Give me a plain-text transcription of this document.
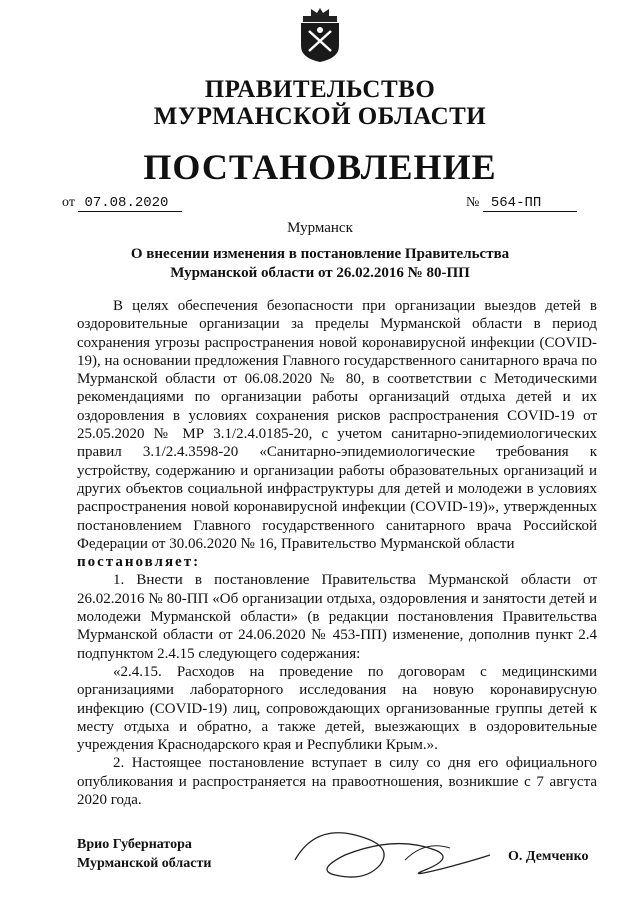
ПРАВИТЕЛЬСТВО
МУРМАНСКОЙ ОБЛАСТИ
ПОСТАНОВЛЕНИЕ
от 07.08.2020	№ 564-ПП
Мурманск
О внесении изменения в постановление Правительства
Мурманской области от 26.02.2016 № 80-ПП

В целях обеспечения безопасности при организации выездов детей в оздоровительные организации за пределы Мурманской области в период сохранения угрозы распространения новой коронавирусной инфекции (COVID-19), на основании предложения Главного государственного санитарного врача по Мурманской области от 06.08.2020 № 80, в соответствии с Методическими рекомендациями по организации работы организаций отдыха детей и их оздоровления в условиях сохранения рисков распространения COVID-19 от 25.05.2020 № МР 3.1/2.4.0185-20, с учетом санитарно-эпидемиологических правил 3.1/2.4.3598-20 «Санитарно-эпидемиологические требования к устройству, содержанию и организации работы образовательных организаций и других объектов социальной инфраструктуры для детей и молодежи в условиях распространения новой коронавирусной инфекции (COVID-19)», утвержденных постановлением Главного государственного санитарного врача Российской Федерации от 30.06.2020 № 16, Правительство Мурманской области

постановляет:

1. Внести в постановление Правительства Мурманской области от 26.02.2016 № 80-ПП «Об организации отдыха, оздоровления и занятости детей и молодежи Мурманской области» (в редакции постановления Правительства Мурманской области от 24.06.2020 № 453-ПП) изменение, дополнив пункт 2.4 подпунктом 2.4.15 следующего содержания:

«2.4.15. Расходов на проведение по договорам с медицинскими организациями лабораторного исследования на новую коронавирусную инфекцию (COVID-19) лиц, сопровождающих организованные группы детей к месту отдыха и обратно, а также детей, выезжающих в оздоровительные учреждения Краснодарского края и Республики Крым.».

2. Настоящее постановление вступает в силу со дня его официального опубликования и распространяется на правоотношения, возникшие с 7 августа 2020 года.

Врио Губернатора
Мурманской области	О. Демченко
